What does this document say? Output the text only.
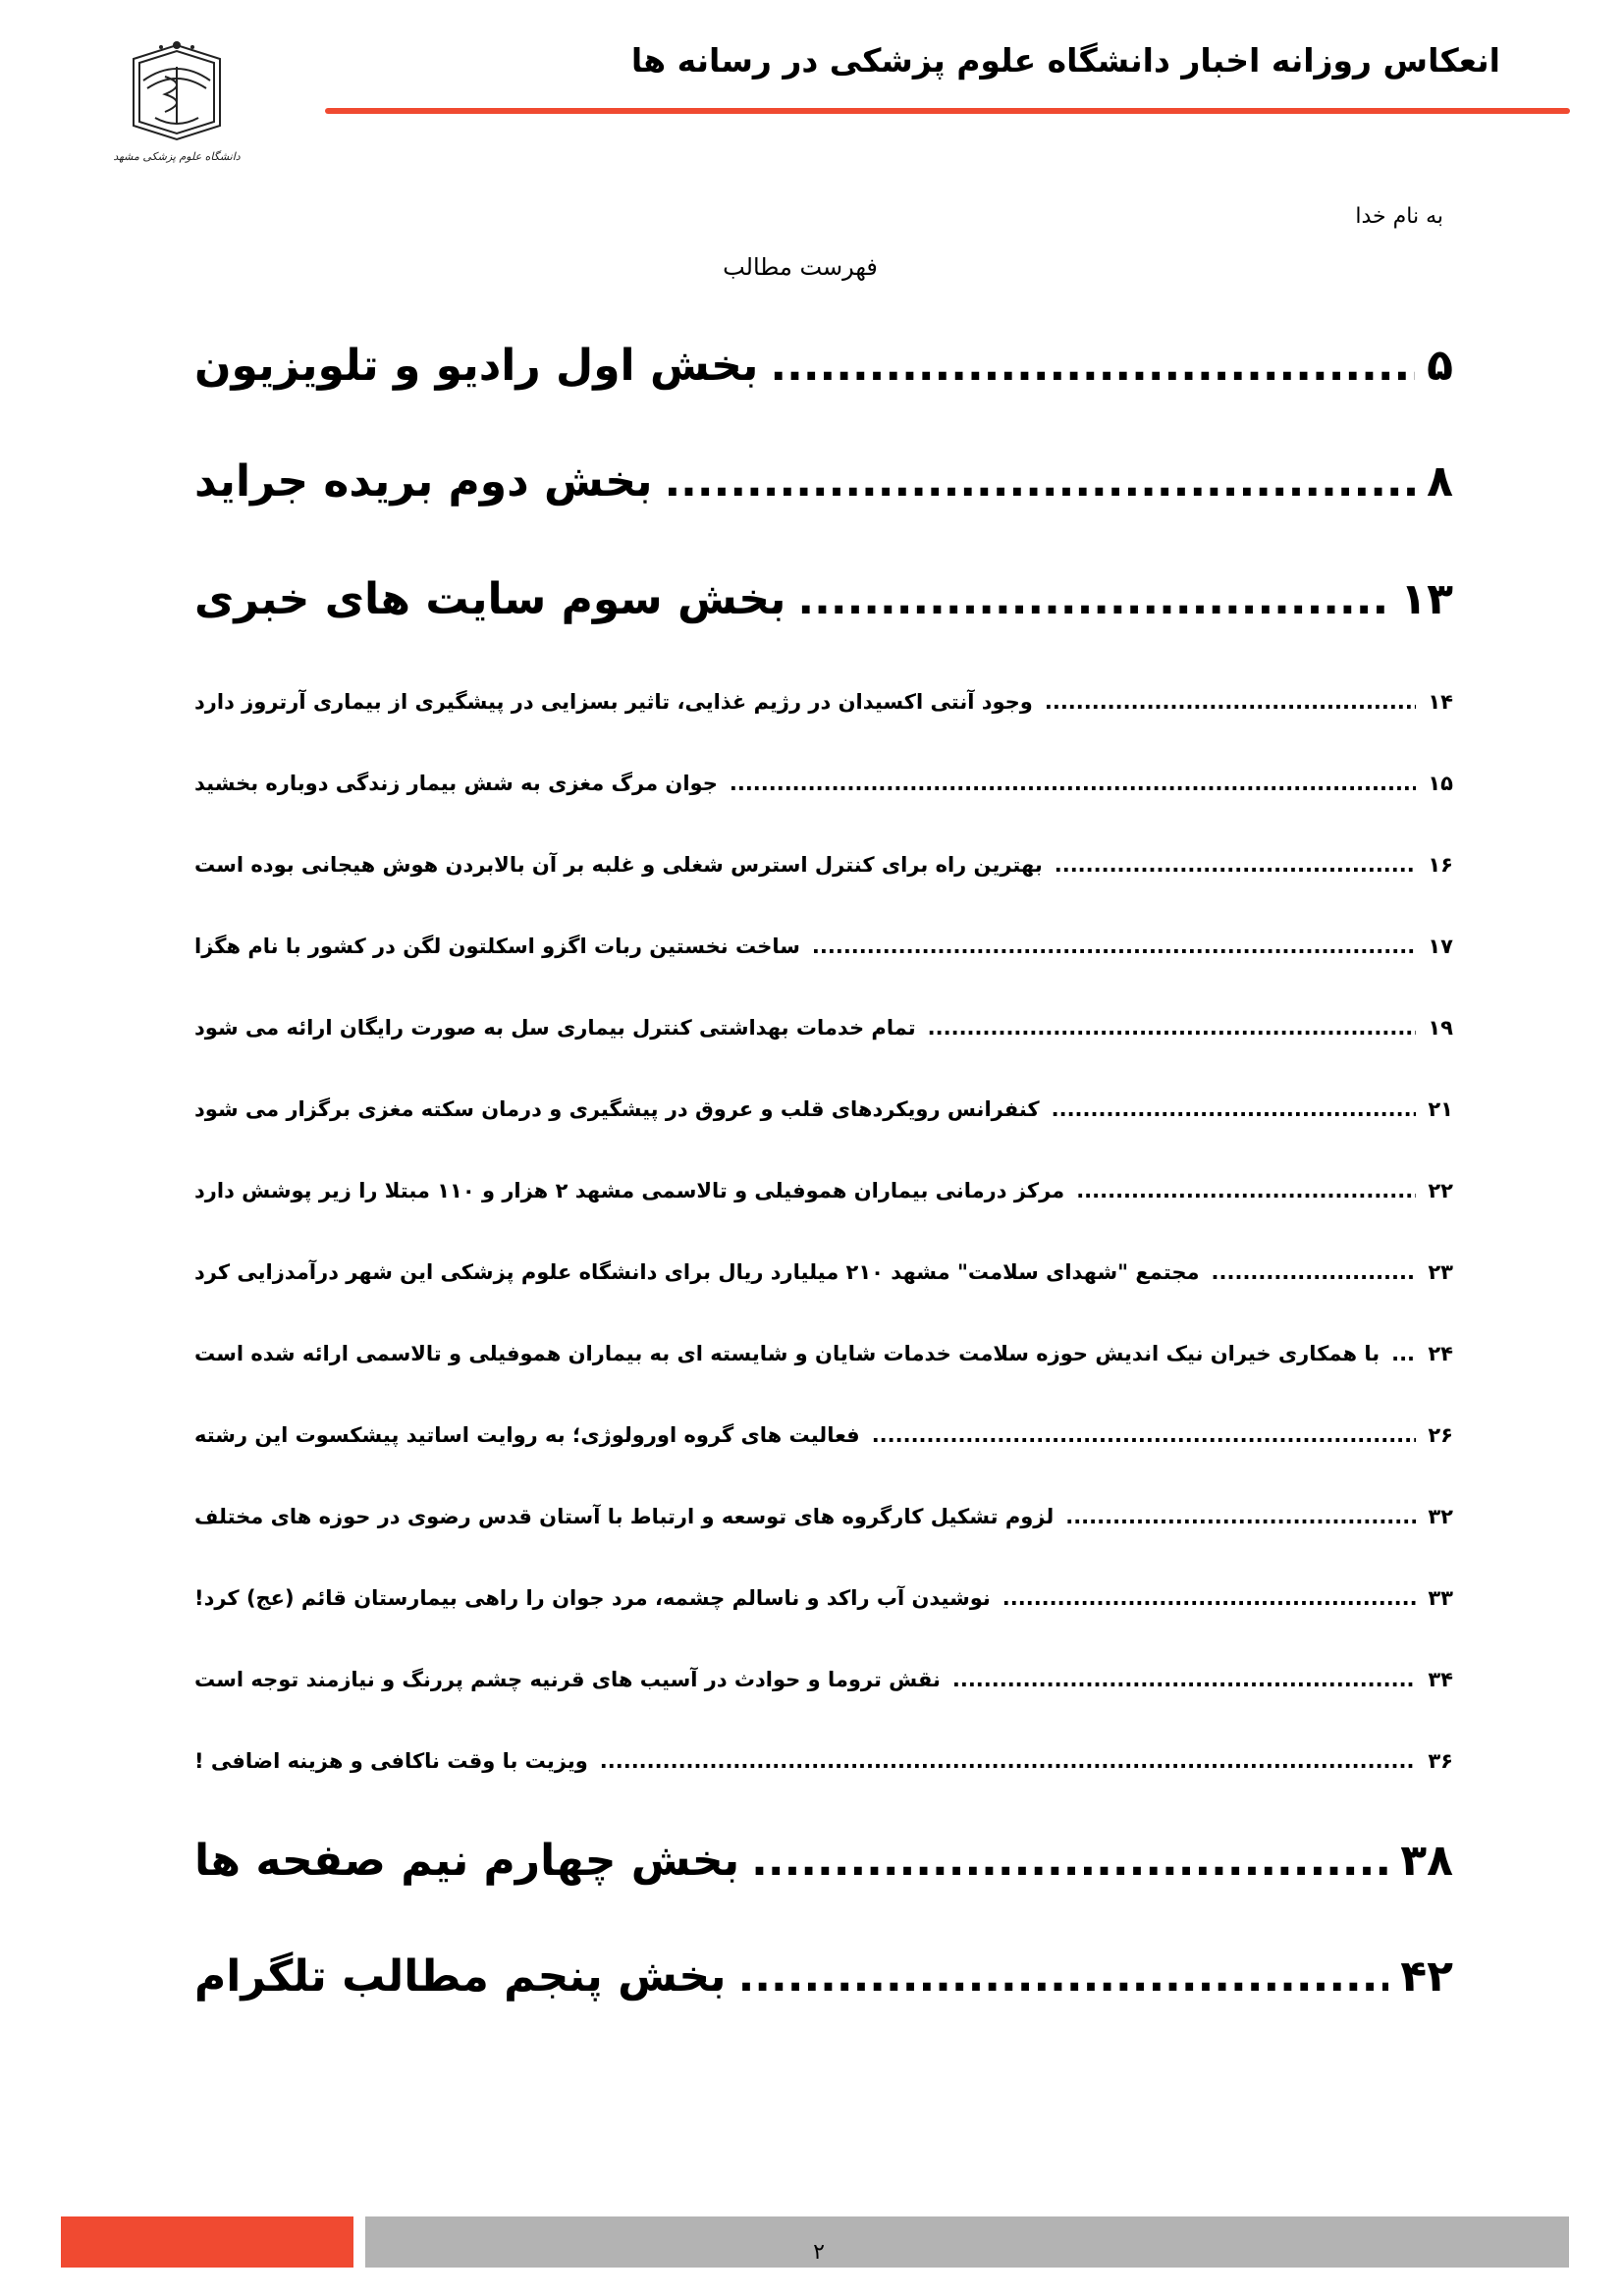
انعکاس روزانه اخبار دانشگاه علوم پزشکی در رسانه ها
دانشگاه علوم پزشکی مشهد
به نام خدا
فهرست مطالب
بخش اول رادیو و تلویزیون .....	۵
بخش دوم بریده جراید .....	۸
بخش سوم سایت های خبری .....	۱۳
وجود آنتی اکسیدان در رژیم غذایی، تاثیر بسزایی در پیشگیری از بیماری آرتروز دارد .....	۱۴
جوان مرگ مغزی به شش بیمار زندگی دوباره بخشید .....	۱۵
بهترین راه برای کنترل استرس شغلی و غلبه بر آن بالابردن هوش هیجانی بوده است .....	۱۶
ساخت نخستین ربات اگزو اسکلتون لگن در کشور با نام هگزا .....	۱۷
تمام خدمات بهداشتی کنترل بیماری سل به صورت رایگان ارائه می شود .....	۱۹
کنفرانس رویکردهای قلب و عروق در پیشگیری و درمان سکته مغزی برگزار می شود .....	۲۱
مرکز درمانی بیماران هموفیلی و تالاسمی مشهد ۲ هزار و ۱۱۰ مبتلا را زیر پوشش دارد .....	۲۲
مجتمع "شهدای سلامت" مشهد ۲۱۰ میلیارد ریال برای دانشگاه علوم پزشکی این شهر درآمدزایی کرد .....	۲۳
با همکاری خیران نیک اندیش حوزه سلامت خدمات شایان و شایسته ای به بیماران هموفیلی و تالاسمی ارائه شده است ..... ۲۴
فعالیت های گروه اورولوژی؛ به روایت اساتید پیشکسوت این رشته .....	۲۶
لزوم تشکیل کارگروه های توسعه و ارتباط با آستان قدس رضوی در حوزه های مختلف .....	۳۲
نوشیدن آب راکد و ناسالم چشمه، مرد جوان را راهی بیمارستان قائم (عج) کرد! .....	۳۳
نقش تروما و حوادث در آسیب های قرنیه چشم پررنگ و نیازمند توجه است .....	۳۴
ویزیت با وقت ناکافی و هزینه اضافی ! .....	۳۶
بخش چهارم نیم صفحه ها .....	۳۸
بخش پنجم مطالب تلگرام .....	۴۲
۲
